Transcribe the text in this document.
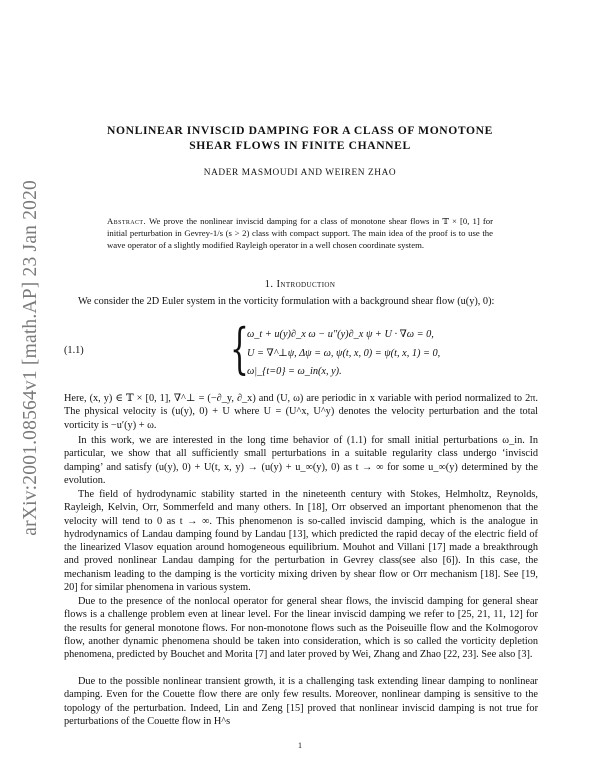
arXiv:2001.08564v1 [math.AP] 23 Jan 2020
NONLINEAR INVISCID DAMPING FOR A CLASS OF MONOTONE
SHEAR FLOWS IN FINITE CHANNEL
NADER MASMOUDI AND WEIREN ZHAO
Abstract. We prove the nonlinear inviscid damping for a class of monotone shear flows in 𝕋 × [0, 1] for initial perturbation in Gevrey-1/s (s > 2) class with compact support. The main idea of the proof is to use the wave operator of a slightly modified Rayleigh operator in a well chosen coordinate system.
1. Introduction

We consider the 2D Euler system in the vorticity formulation with a background shear flow (u(y), 0):

(1.1)	{
ω_t + u(y)∂_x ω − u″(y)∂_x ψ + U · ∇ω = 0,
U = ∇^⊥ψ, Δψ = ω, ψ(t, x, 0) = ψ(t, x, 1) = 0,
ω|_{t=0} = ω_in(x, y).

Here, (x, y) ∈ 𝕋 × [0, 1], ∇^⊥ = (−∂_y, ∂_x) and (U, ω) are periodic in x variable with period normalized to 2π. The physical velocity is (u(y), 0) + U where U = (U^x, U^y) denotes the velocity perturbation and the total vorticity is −u′(y) + ω.

In this work, we are interested in the long time behavior of (1.1) for small initial perturbations ω_in. In particular, we show that all sufficiently small perturbations in a suitable regularity class undergo ‘inviscid damping’ and satisfy (u(y), 0) + U(t, x, y) → (u(y) + u_∞(y), 0) as t → ∞ for some u_∞(y) determined by the evolution.

The field of hydrodynamic stability started in the nineteenth century with Stokes, Helmholtz, Reynolds, Rayleigh, Kelvin, Orr, Sommerfeld and many others. In [18], Orr observed an important phenomenon that the velocity will tend to 0 as t → ∞. This phenomenon is so-called inviscid damping, which is the analogue in hydrodynamics of Landau damping found by Landau [13], which predicted the rapid decay of the electric field of the linearized Vlasov equation around homogeneous equilibrium. Mouhot and Villani [17] made a breakthrough and proved nonlinear Landau damping for the perturbation in Gevrey class(see also [6]). In this case, the mechanism leading to the damping is the vorticity mixing driven by shear flow or Orr mechanism [18]. See [19, 20] for similar phenomena in various system.

Due to the presence of the nonlocal operator for general shear flows, the inviscid damping for general shear flows is a challenge problem even at linear level. For the linear inviscid damping we refer to [25, 21, 11, 12] for the results for general monotone flows. For non-monotone flows such as the Poiseuille flow and the Kolmogorov flow, another dynamic phenomena should be taken into consideration, which is so called the vorticity depletion phenomena, predicted by Bouchet and Morita [7] and later proved by Wei, Zhang and Zhao [22, 23]. See also [3].

Due to the possible nonlinear transient growth, it is a challenging task extending linear damping to nonlinear damping. Even for the Couette flow there are only few results. Moreover, nonlinear damping is sensitive to the topology of the perturbation. Indeed, Lin and Zeng [15] proved that nonlinear inviscid damping is not true for perturbations of the Couette flow in H^s

1
